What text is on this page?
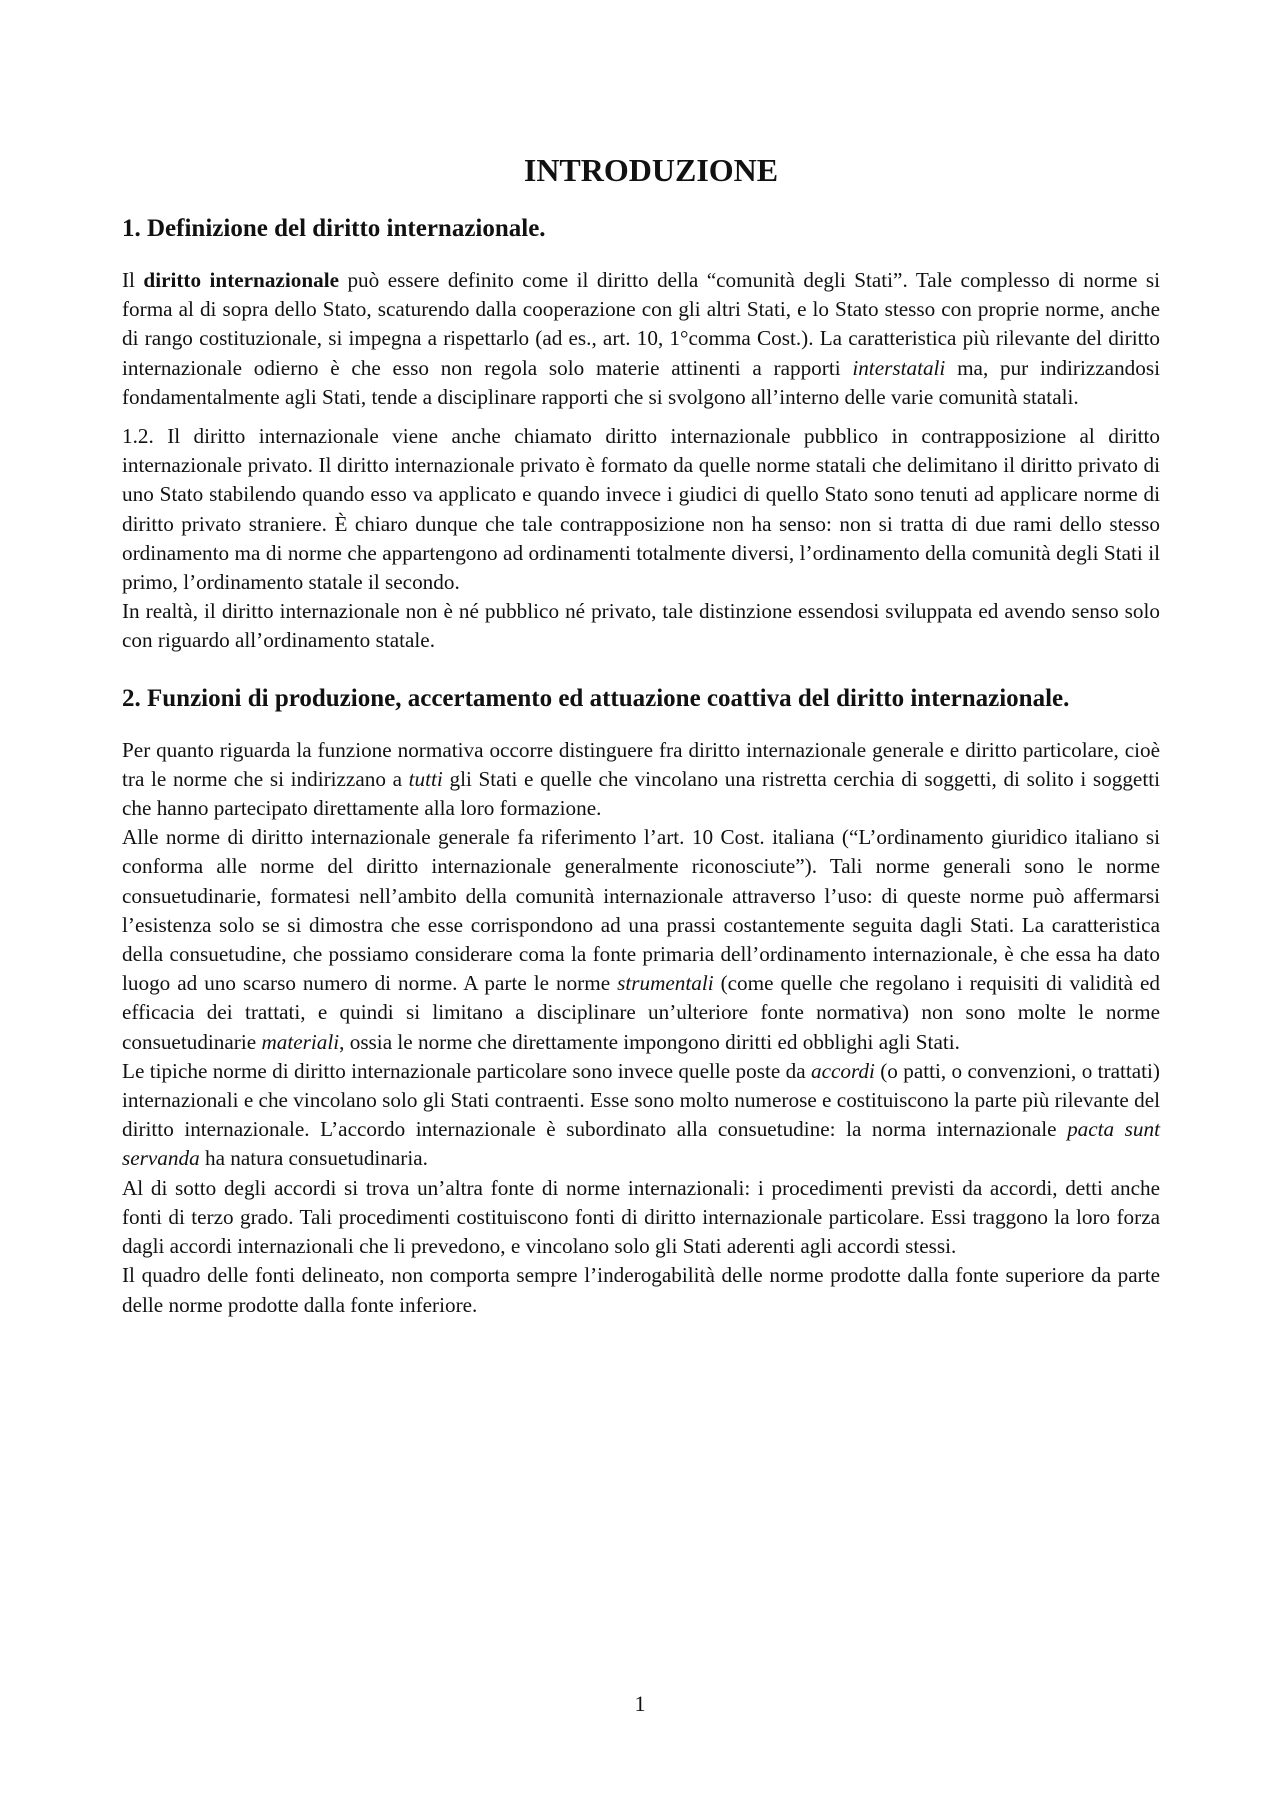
INTRODUZIONE
1. Definizione del diritto internazionale.

Il diritto internazionale può essere definito come il diritto della “comunità degli Stati”. Tale complesso di norme si forma al di sopra dello Stato, scaturendo dalla cooperazione con gli altri Stati, e lo Stato stesso con proprie norme, anche di rango costituzionale, si impegna a rispettarlo (ad es., art. 10, 1°comma Cost.). La caratteristica più rilevante del diritto internazionale odierno è che esso non regola solo materie attinenti a rapporti interstatali ma, pur indirizzandosi fondamentalmente agli Stati, tende a disciplinare rapporti che si svolgono all’interno delle varie comunità statali.

1.2. Il diritto internazionale viene anche chiamato diritto internazionale pubblico in contrapposizione al diritto internazionale privato. Il diritto internazionale privato è formato da quelle norme statali che delimitano il diritto privato di uno Stato stabilendo quando esso va applicato e quando invece i giudici di quello Stato sono tenuti ad applicare norme di diritto privato straniere. È chiaro dunque che tale contrapposizione non ha senso: non si tratta di due rami dello stesso ordinamento ma di norme che appartengono ad ordinamenti totalmente diversi, l’ordinamento della comunità degli Stati il primo, l’ordinamento statale il secondo.

In realtà, il diritto internazionale non è né pubblico né privato, tale distinzione essendosi sviluppata ed avendo senso solo con riguardo all’ordinamento statale.

2. Funzioni di produzione, accertamento ed attuazione coattiva del diritto internazionale.

Per quanto riguarda la funzione normativa occorre distinguere fra diritto internazionale generale e diritto particolare, cioè tra le norme che si indirizzano a tutti gli Stati e quelle che vincolano una ristretta cerchia di soggetti, di solito i soggetti che hanno partecipato direttamente alla loro formazione.

Alle norme di diritto internazionale generale fa riferimento l’art. 10 Cost. italiana (“L’ordinamento giuridico italiano si conforma alle norme del diritto internazionale generalmente riconosciute”). Tali norme generali sono le norme consuetudinarie, formatesi nell’ambito della comunità internazionale attraverso l’uso: di queste norme può affermarsi l’esistenza solo se si dimostra che esse corrispondono ad una prassi costantemente seguita dagli Stati. La caratteristica della consuetudine, che possiamo considerare coma la fonte primaria dell’ordinamento internazionale, è che essa ha dato luogo ad uno scarso numero di norme. A parte le norme strumentali (come quelle che regolano i requisiti di validità ed efficacia dei trattati, e quindi si limitano a disciplinare un’ulteriore fonte normativa) non sono molte le norme consuetudinarie materiali, ossia le norme che direttamente impongono diritti ed obblighi agli Stati.

Le tipiche norme di diritto internazionale particolare sono invece quelle poste da accordi (o patti, o convenzioni, o trattati) internazionali e che vincolano solo gli Stati contraenti. Esse sono molto numerose e costituiscono la parte più rilevante del diritto internazionale. L’accordo internazionale è subordinato alla consuetudine: la norma internazionale pacta sunt servanda ha natura consuetudinaria.

Al di sotto degli accordi si trova un’altra fonte di norme internazionali: i procedimenti previsti da accordi, detti anche fonti di terzo grado. Tali procedimenti costituiscono fonti di diritto internazionale particolare. Essi traggono la loro forza dagli accordi internazionali che li prevedono, e vincolano solo gli Stati aderenti agli accordi stessi.

Il quadro delle fonti delineato, non comporta sempre l’inderogabilità delle norme prodotte dalla fonte superiore da parte delle norme prodotte dalla fonte inferiore.

1
